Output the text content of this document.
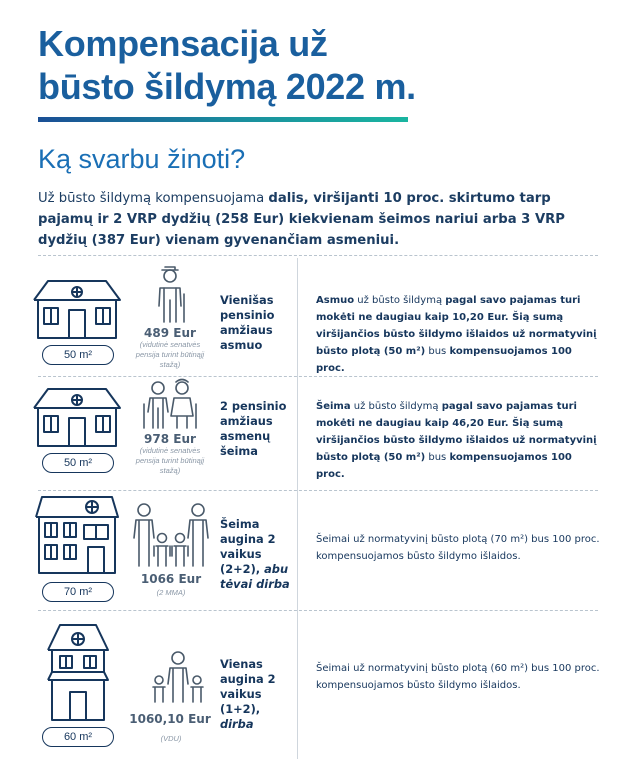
Kompensacija už
būsto šildymą 2022 m.
Ką svarbu žinoti?

Už būsto šildymą kompensuojama dalis, viršijanti 10 proc. skirtumo tarp pajamų ir 2 VRP dydžių (258 Eur) kiekvienam šeimos nariui arba 3 VRP dydžių (387 Eur) vienam gyvenančiam asmeniui.

50 m²
489 Eur
(vidutinė senatvės pensija turint būtinąjį stažą)
Vienišas pensinio amžiaus asmuo
Asmuo už būsto šildymą pagal savo pajamas turi mokėti ne daugiau kaip 10,20 Eur. Šią sumą viršijančios būsto šildymo išlaidos už normatyvinį būsto plotą (50 m²) bus kompensuojamos 100 proc.
50 m²
978 Eur
(vidutinė senatvės pensija turint būtinąjį stažą)
2 pensinio amžiaus asmenų šeima
Šeima už būsto šildymą pagal savo pajamas turi mokėti ne daugiau kaip 46,20 Eur. Šią sumą viršijančios būsto šildymo išlaidos už normatyvinį būsto plotą (50 m²) bus kompensuojamos 100 proc.
70 m²
1066 Eur
(2 MMA)
Šeima augina 2 vaikus (2+2), abu tėvai dirba
Šeimai už normatyvinį būsto plotą (70 m²) bus 100 proc. kompensuojamos būsto šildymo išlaidos.
60 m²
1060,10 Eur
(VDU)
Vienas augina 2 vaikus (1+2), dirba
Šeimai už normatyvinį būsto plotą (60 m²) bus 100 proc. kompensuojamos būsto šildymo išlaidos.
